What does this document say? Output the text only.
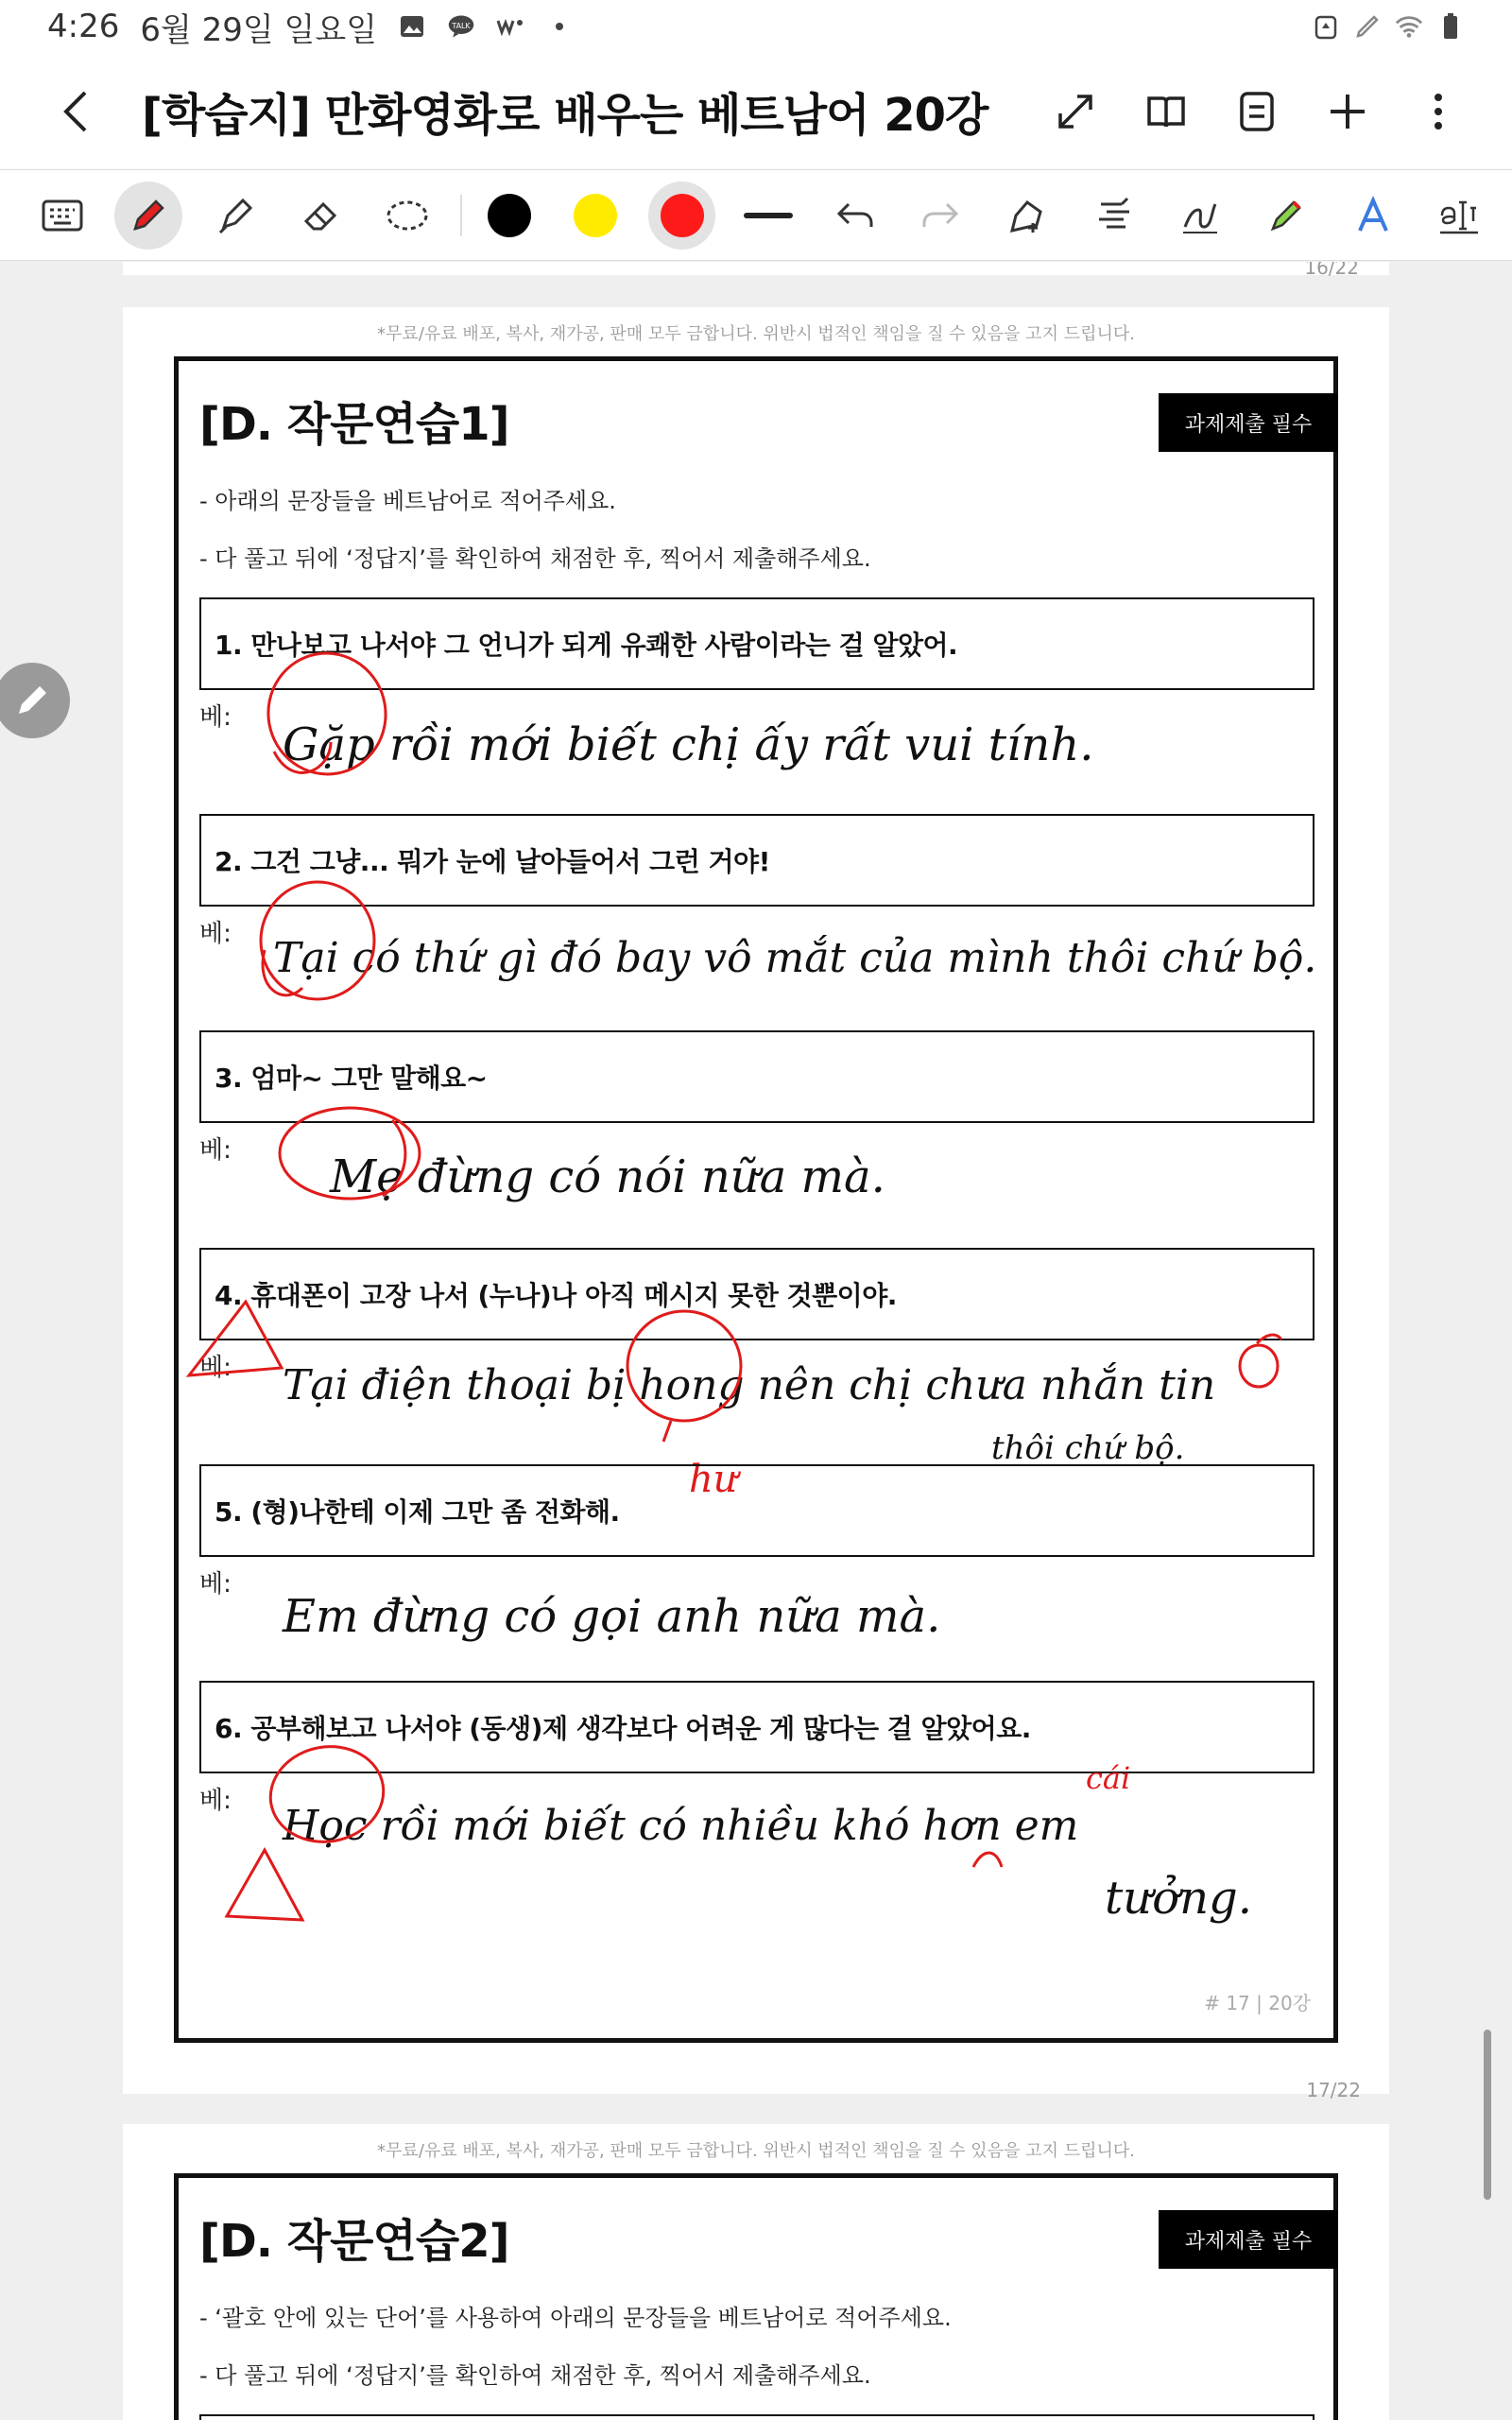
4:26 6월 29일 일요일	TALK
[학습지] 만화영화로 배우는 베트남어 20강
16/22
*무료/유료 배포, 복사, 재가공, 판매 모두 금합니다. 위반시 법적인 책임을 질 수 있음을 고지 드립니다.
[D. 작문연습1]	과제제출 필수
- 아래의 문장들을 베트남어로 적어주세요.
- 다 풀고 뒤에 ‘정답지’를 확인하여 채점한 후, 찍어서 제출해주세요.
1. 만나보고 나서야 그 언니가 되게 유쾌한 사람이라는 걸 알았어.
베:
Gặp rồi mới biết chị ấy rất vui tính.
2. 그건 그냥... 뭐가 눈에 날아들어서 그런 거야!
베: Tại có thứ gì đó bay vô mắt của mình thôi chứ bộ.
3. 엄마~ 그만 말해요~
베: Mẹ đừng có nói nữa mà.
4. 휴대폰이 고장 나서 (누나)나 아직 메시지 못한 것뿐이야.
베: Tại điện thoại bị hong nên chị chưa nhắn tin
thôi chứ bộ.
hư
5. (형)나한테 이제 그만 좀 전화해.
베:
Em đừng có gọi anh nữa mà.
6. 공부해보고 나서야 (동생)제 생각보다 어려운 게 많다는 걸 알았어요.
베:
Học rồi mới biết có nhiều khó hơn em
cái
tưởng.
# 17 | 20강
17/22
*무료/유료 배포, 복사, 재가공, 판매 모두 금합니다. 위반시 법적인 책임을 질 수 있음을 고지 드립니다.
[D. 작문연습2]	과제제출 필수
- ‘괄호 안에 있는 단어’를 사용하여 아래의 문장들을 베트남어로 적어주세요.
- 다 풀고 뒤에 ‘정답지’를 확인하여 채점한 후, 찍어서 제출해주세요.
